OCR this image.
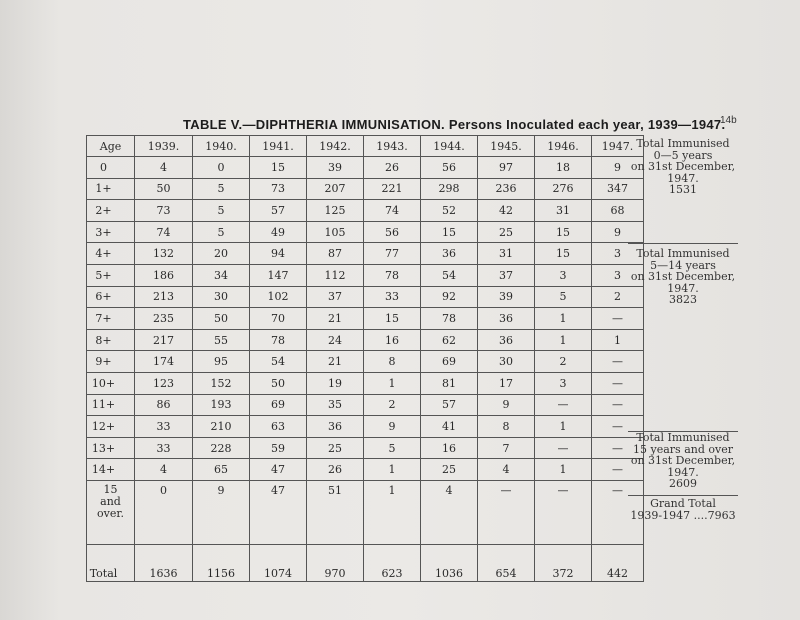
TABLE V.—DIPHTHERIA IMMUNISATION. Persons Inoculated each year, 1939—1947.
14b
Age	1939.	1940.	1941.	1942.	1943.	1944.	1945.	1946.	1947.
0	4	0	15	39	26	56	97	18	9
1+	50	5	73	207	221	298	236	276	347
2+	73	5	57	125	74	52	42	31	68
3+	74	5	49	105	56	15	25	15	9
4+	132	20	94	87	77	36	31	15	3
5+	186	34	147	112	78	54	37	3	3
6+	213	30	102	37	33	92	39	5	2
7+	235	50	70	21	15	78	36	1	—
8+	217	55	78	24	16	62	36	1	1
9+	174	95	54	21	8	69	30	2	—
10+	123	152	50	19	1	81	17	3	—
11+	86	193	69	35	2	57	9	—	—
12+	33	210	63	36	9	41	8	1	—
13+	33	228	59	25	5	16	7	—	—
14+	4	65	47	26	1	25	4	1	—

15
and
over.	0	9	47	51	1	4	—	—	—
Total	1636	1156	1074	970	623	1036	654	372	442
Total Immunised
0—5 years
on 31st December,
1947.
1531
Total Immunised
5—14 years
on 31st December,
1947.
3823
Total Immunised
15 years and over
on 31st December,
1947.
2609
Grand Total
1939-1947 ....7963
